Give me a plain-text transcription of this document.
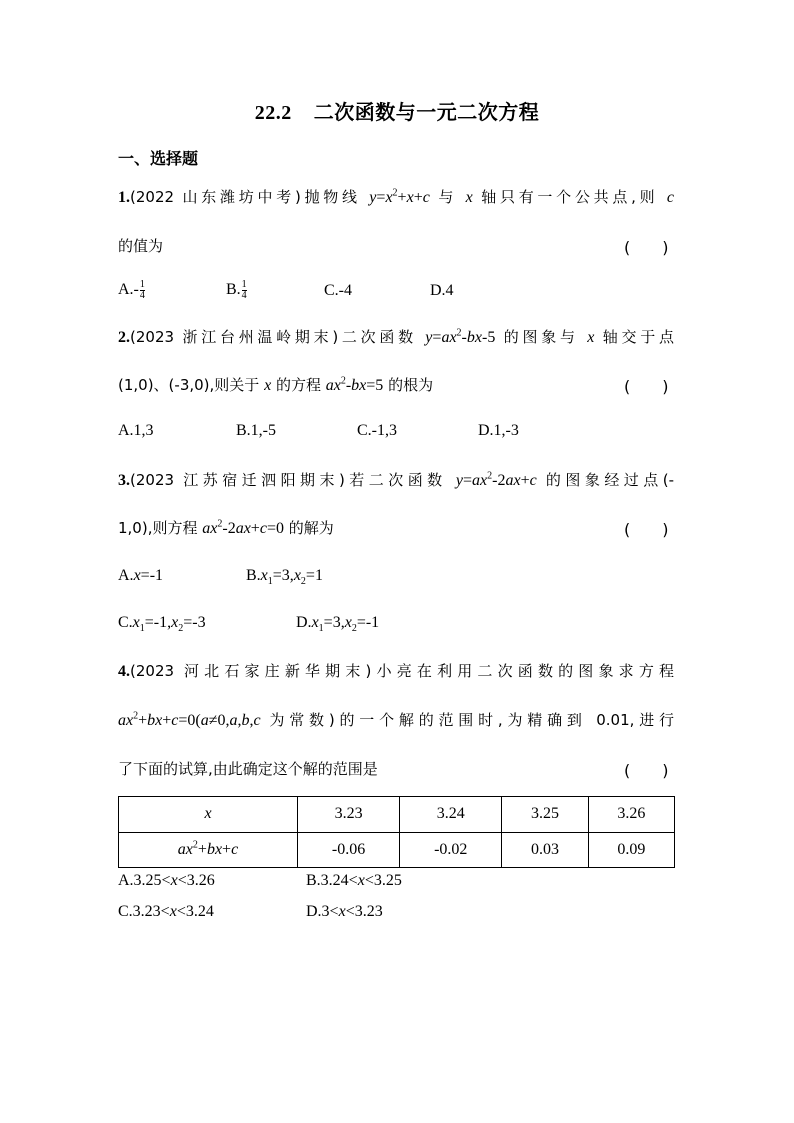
22.2 二次函数与一元二次方程
一、选择题
1.(2022 山东潍坊中考)抛物线 $y=x^2+x+c$ 与 x 轴只有一个公共点,则 c
的值为	(　　)
$A.- \frac{1}{4}$	B. $\frac{1}{4}$	C.-4	D.4
2.(2023 浙江台州温岭期末)二次函数 $y=ax^2-bx-5$ 的图象与 x 轴交于点
(1,0)、(-3,0),则关于 x 的方程 $ax^2-bx=5$ 的根为	(　　)
A.1,3	B.1,-5	C.-1,3	D.1,-3
3.(2023 江苏宿迁泗阳期末)若二次函数 $y=ax^2-2ax+c$ 的图象经过点(-
1,0),则方程 $ax^2-2ax+c=0$ 的解为	(　　)
A.x=-1	$B.x_1=3,x_2=1$
$C.x_1=-1,x_2=-3$	$D.x_1=3,x_2=-1$
4.(2023 河北石家庄新华期末)小亮在利用二次函数的图象求方程
$ax^2+bx+c=0(a\ne 0,a,b,c$ 为常数)的一个解的范围时,为精确到 0.01,进行
了下面的试算,由此确定这个解的范围是	(　　)
x	3.23	3.24	3.25	3.26
$ax^2+bx+c$	-0.06	-0.02	0.03	0.09
A.3.25<x<3.26	B.3.24<x<3.25
C.3.23<x<3.24	D.3<x<3.23
